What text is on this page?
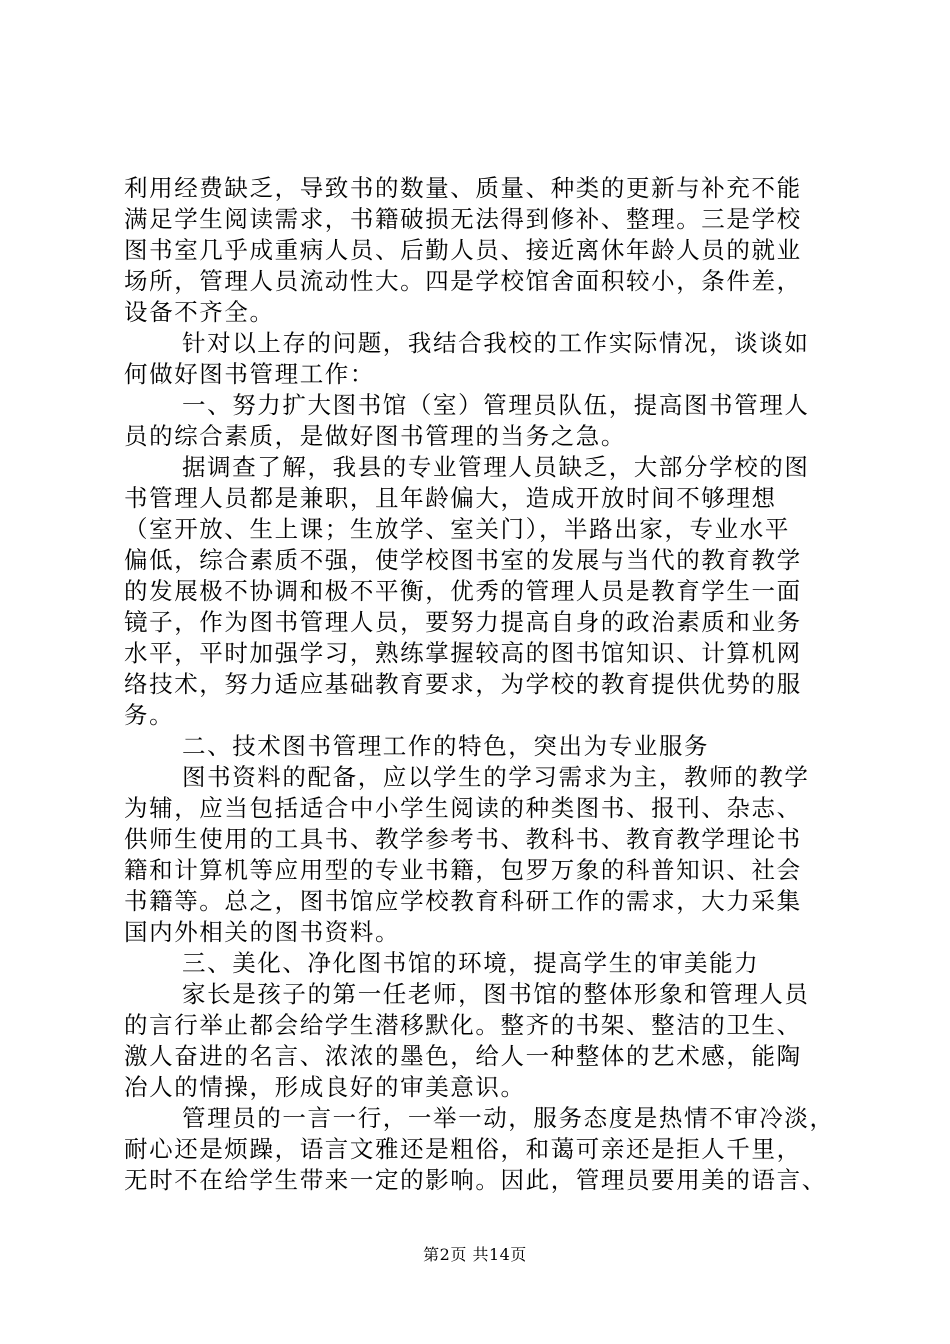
利用经费缺乏，导致书的数量、质量、种类的更新与补充不能
满足学生阅读需求，书籍破损无法得到修补、整理。三是学校
图书室几乎成重病人员、后勤人员、接近离休年龄人员的就业
场所，管理人员流动性大。四是学校馆舍面积较小，条件差，
设备不齐全。
针对以上存的问题，我结合我校的工作实际情况，谈谈如
何做好图书管理工作：
一、努力扩大图书馆（室）管理员队伍，提高图书管理人
员的综合素质，是做好图书管理的当务之急。
据调查了解，我县的专业管理人员缺乏，大部分学校的图
书管理人员都是兼职，且年龄偏大，造成开放时间不够理想
（室开放、生上课；生放学、室关门），半路出家，专业水平
偏低，综合素质不强，使学校图书室的发展与当代的教育教学
的发展极不协调和极不平衡，优秀的管理人员是教育学生一面
镜子，作为图书管理人员，要努力提高自身的政治素质和业务
水平，平时加强学习，熟练掌握较高的图书馆知识、计算机网
络技术，努力适应基础教育要求，为学校的教育提供优势的服
务。
二、技术图书管理工作的特色，突出为专业服务
图书资料的配备，应以学生的学习需求为主，教师的教学
为辅，应当包括适合中小学生阅读的种类图书、报刊、杂志、
供师生使用的工具书、教学参考书、教科书、教育教学理论书
籍和计算机等应用型的专业书籍，包罗万象的科普知识、社会
书籍等。总之，图书馆应学校教育科研工作的需求，大力采集
国内外相关的图书资料。
三、美化、净化图书馆的环境，提高学生的审美能力
家长是孩子的第一任老师，图书馆的整体形象和管理人员
的言行举止都会给学生潜移默化。整齐的书架、整洁的卫生、
激人奋进的名言、浓浓的墨色，给人一种整体的艺术感，能陶
冶人的情操，形成良好的审美意识。
管理员的一言一行，一举一动，服务态度是热情不审冷淡，
耐心还是烦躁，语言文雅还是粗俗，和蔼可亲还是拒人千里，
无时不在给学生带来一定的影响。因此，管理员要用美的语言、
第2页 共14页
